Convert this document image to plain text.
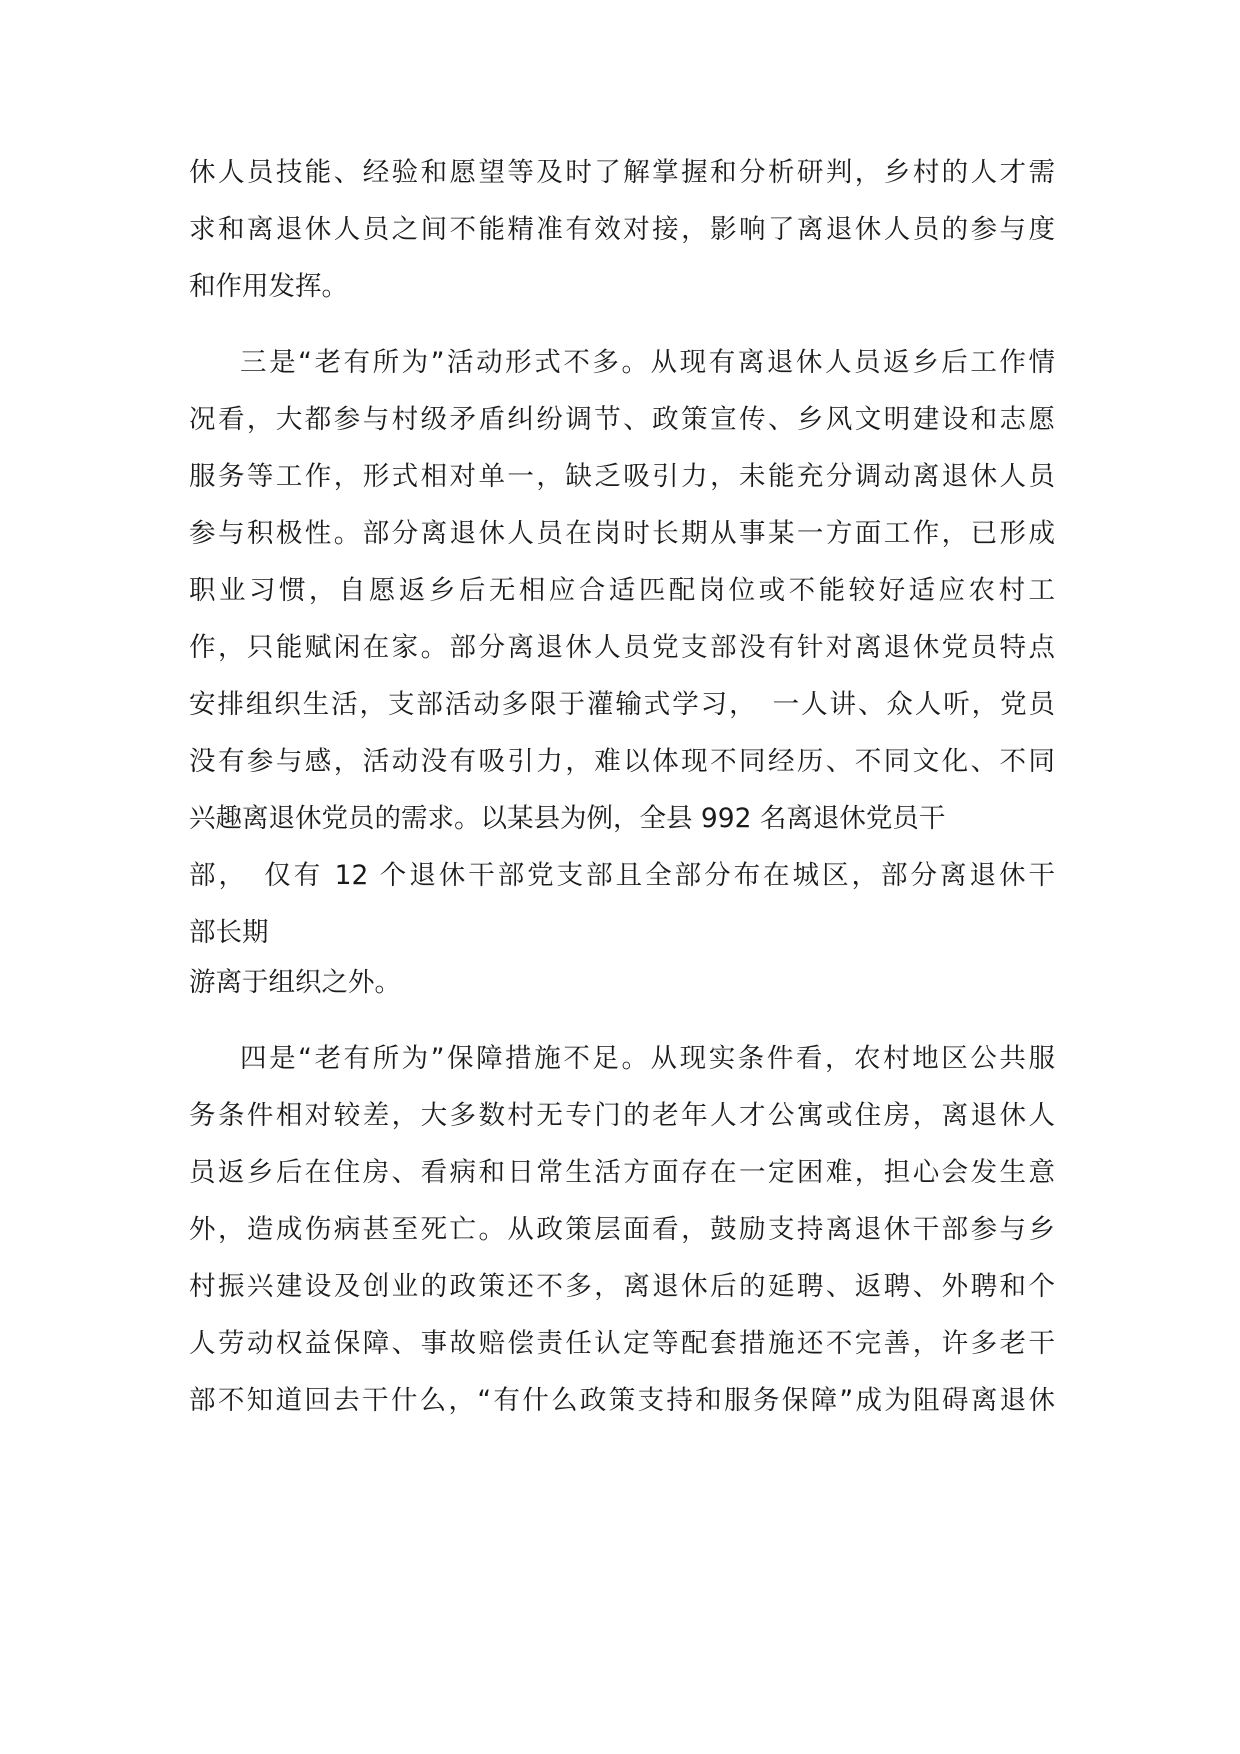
休人员技能、经验和愿望等及时了解掌握和分析研判，乡村的人才需
求和离退休人员之间不能精准有效对接，影响了离退休人员的参与度
和作用发挥。
三是“老有所为”活动形式不多。从现有离退休人员返乡后工作情
况看，大都参与村级矛盾纠纷调节、政策宣传、乡风文明建设和志愿
服务等工作，形式相对单一，缺乏吸引力，未能充分调动离退休人员
参与积极性。部分离退休人员在岗时长期从事某一方面工作，已形成
职业习惯，自愿返乡后无相应合适匹配岗位或不能较好适应农村工
作，只能赋闲在家。部分离退休人员党支部没有针对离退休党员特点
安排组织生活，支部活动多限于灌输式学习，　一人讲、众人听，党员
没有参与感，活动没有吸引力，难以体现不同经历、不同文化、不同
兴趣离退休党员的需求。以某县为例，全县 992 名离退休党员干
部，　仅有 12 个退休干部党支部且全部分布在城区，部分离退休干
部长期
游离于组织之外。
四是“老有所为”保障措施不足。从现实条件看，农村地区公共服
务条件相对较差，大多数村无专门的老年人才公寓或住房，离退休人
员返乡后在住房、看病和日常生活方面存在一定困难，担心会发生意
外，造成伤病甚至死亡。从政策层面看，鼓励支持离退休干部参与乡
村振兴建设及创业的政策还不多，离退休后的延聘、返聘、外聘和个
人劳动权益保障、事故赔偿责任认定等配套措施还不完善，许多老干
部不知道回去干什么，“有什么政策支持和服务保障”成为阻碍离退休
